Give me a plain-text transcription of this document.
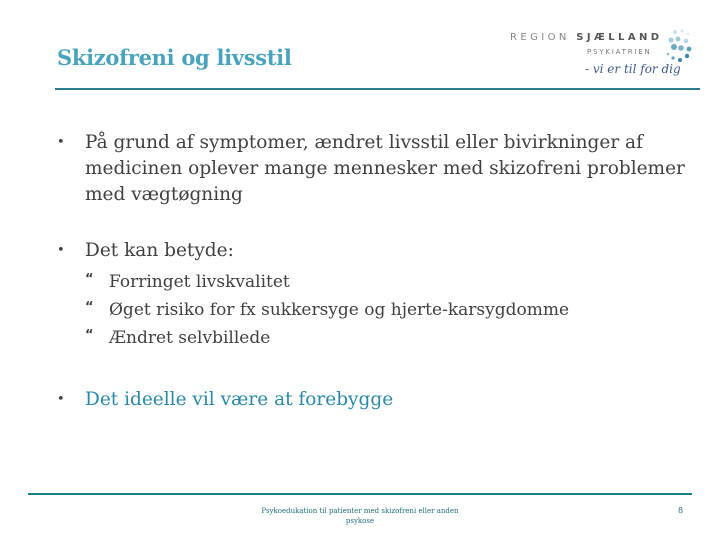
Skizofreni og livsstil
REGION SJÆLLAND
PSYKIATRIEN
- vi er til for dig
• På grund af symptomer, ændret livsstil eller bivirkninger af medicinen oplever mange mennesker med skizofreni problemer med vægtøgning
• Det kan betyde:
“ Forringet livskvalitet
“ Øget risiko for fx sukkersyge og hjerte-karsygdomme
“ Ændret selvbillede
• Det ideelle vil være at forebygge
Psykoedukation til patienter med skizofreni eller anden psykose
8
